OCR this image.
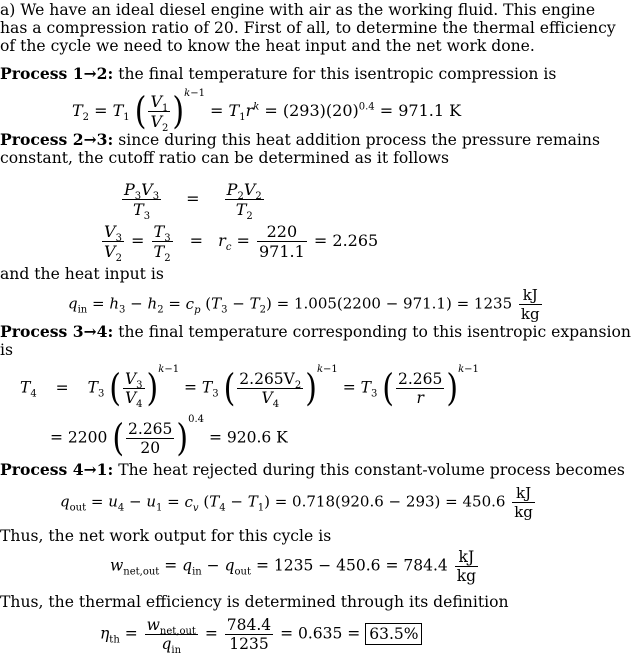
a) We have an ideal diesel engine with air as the working fluid. This engine
has a compression ratio of 20. First of all, to determine the thermal efficiency
of the cycle we need to know the heat input and the net work done.
Process 1→2: the final temperature for this isentropic compression is
$T_2 = T_1$ ( $\frac{V_1}{V_2} )^{k-1} = T_1r^k = (293)(20)^{0.4} = 971.1$ K
Process 2→3: since during this heat addition process the pressure remains
constant, the cutoff ratio can be determined as it follows
$\frac{P_3V_3}{T_3} = \frac{P_2V_2}{T_2}$
$\frac{V_3}{V_2} = \frac{T_3}{T_2} = r_c = \frac{220}{971.1} = 2.265$
and the heat input is
$q_{in} = h_3 - h_2 = c_p$ $(T_3 - T_2) = 1.005(2200 - 971.1) = 1235 \frac{kJ}{kg}$
Process 3→4: the final temperature corresponding to this isentropic expansion
is
$T_4 = T_3$ ( $\frac{V_3}{V_4} )^{k-1} = T_3$ ( $\frac{2.265V_2}{V_4} )^{k-1} = T_3$ ( $\frac{2.265}{r} )^{k-1}$
= 2200 ( $\frac{2.265}{20} )^{0.4} = 920.6$ K
Process 4→1: The heat rejected during this constant-volume process becomes
$q_{out} = u_4 - u_1 = c_v$ $(T_4 - T_1) = 0.718(920.6 - 293) = 450.6 \frac{kJ}{kg}$
Thus, the net work output for this cycle is
$w_{net,out} = q_{in} - q_{out} = 1235 - 450.6 = 784.4 \frac{kJ}{kg}$
Thus, the thermal efficiency is determined through its definition
$\eta_{th} = \frac{w_{net,out}}{q_{in}} = \frac{784.4}{1235} = 0.635 = 63.5\%$
